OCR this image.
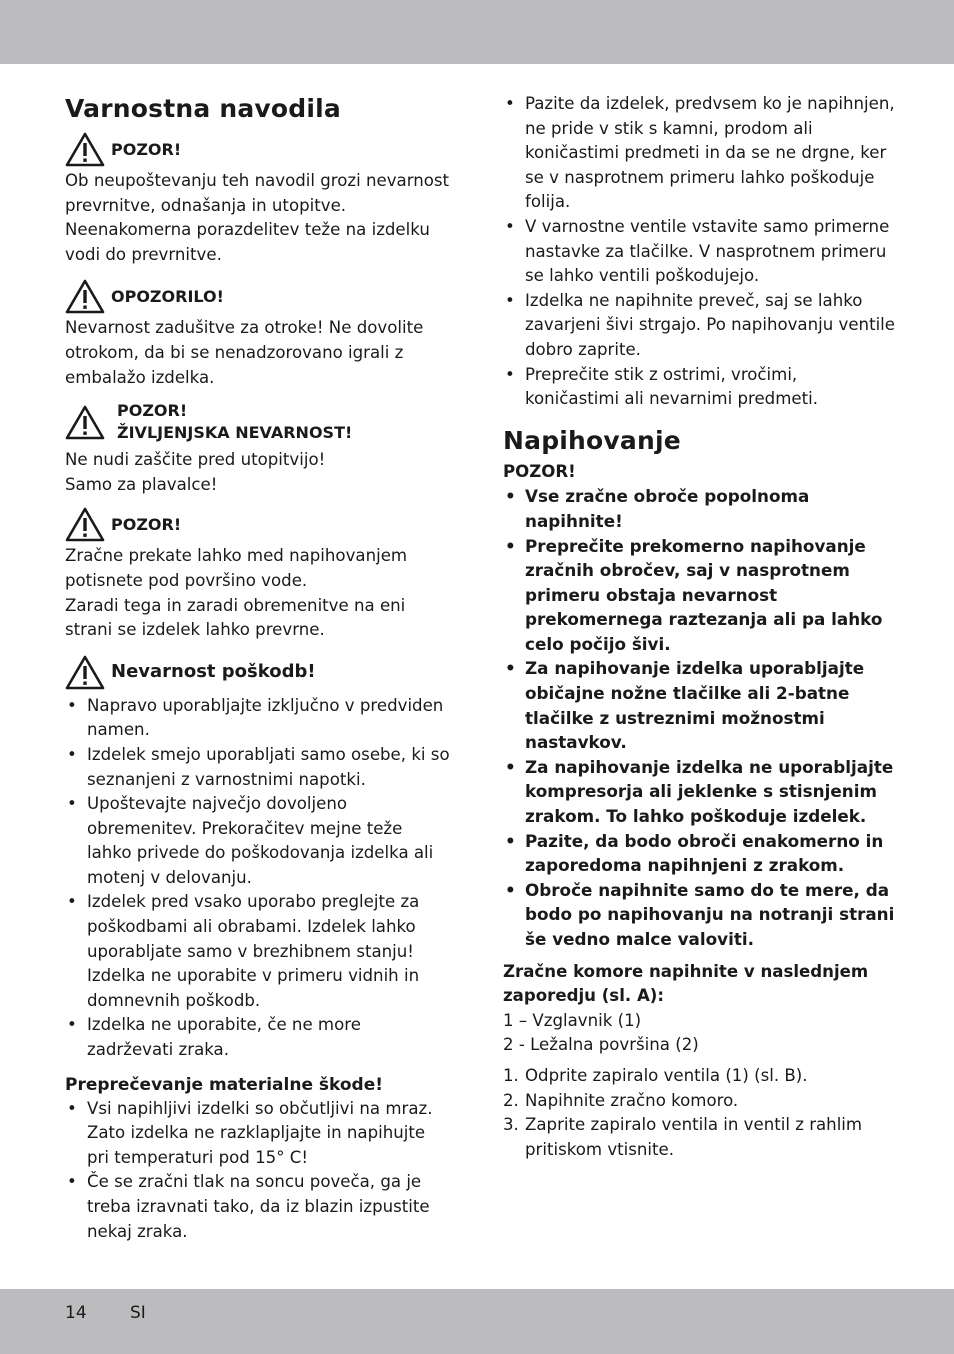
Varnostna navodila
POZOR!

Ob neupoštevanju teh navodil grozi nevarnost prevrnitve, odnašanja in utopitve. Neenakomerna porazdelitev teže na izdelku vodi do prevrnitve.

OPOZORILO!

Nevarnost zadušitve za otroke! Ne dovolite otrokom, da bi se nenadzorovano igrali z embalažo izdelka.

POZOR!
ŽIVLJENJSKA NEVARNOST!

Ne nudi zaščite pred utopitvijo!

Samo za plavalce!

POZOR!

Zračne prekate lahko med napihovanjem potisnete pod površino vode.

Zaradi tega in zaradi obremenitve na eni strani se izdelek lahko prevrne.

Nevarnost poškodb!
• Napravo uporabljajte izključno v predviden namen.
• Izdelek smejo uporabljati samo osebe, ki so seznanjeni z varnostnimi napotki.
• Upoštevajte največjo dovoljeno obremenitev. Prekoračitev mejne teže lahko privede do poškodovanja izdelka ali motenj v delovanju.
• Izdelek pred vsako uporabo preglejte za poškodbami ali obrabami. Izdelek lahko uporabljate samo v brezhibnem stanju! Izdelka ne uporabite v primeru vidnih in domnevnih poškodb.
• Izdelka ne uporabite, če ne more zadrževati zraka.
Preprečevanje materialne škode!
• Vsi napihljivi izdelki so občutljivi na mraz. Zato izdelka ne razklapljajte in napihujte pri temperaturi pod 15° C!
• Če se zračni tlak na soncu poveča, ga je treba izravnati tako, da iz blazin izpustite nekaj zraka.
• Pazite da izdelek, predvsem ko je napihnjen, ne pride v stik s kamni, prodom ali koničastimi predmeti in da se ne drgne, ker se v nasprotnem primeru lahko poškoduje folija.
• V varnostne ventile vstavite samo primerne nastavke za tlačilke. V nasprotnem primeru se lahko ventili poškodujejo.
• Izdelka ne napihnite preveč, saj se lahko zavarjeni šivi strgajo. Po napihovanju ventile dobro zaprite.
• Preprečite stik z ostrimi, vročimi, koničastimi ali nevarnimi predmeti.
Napihovanje

POZOR!

• Vse zračne obroče popolnoma napihnite!
• Preprečite prekomerno napihovanje zračnih obročev, saj v nasprotnem primeru obstaja nevarnost prekomernega raztezanja ali pa lahko celo počijo šivi.
• Za napihovanje izdelka uporabljajte običajne nožne tlačilke ali 2-batne tlačilke z ustreznimi možnostmi nastavkov.
• Za napihovanje izdelka ne uporabljajte kompresorja ali jeklenke s stisnjenim zrakom. To lahko poškoduje izdelek.
• Pazite, da bodo obroči enakomerno in zaporedoma napihnjeni z zrakom.
• Obroče napihnite samo do te mere, da bodo po napihovanju na notranji strani še vedno malce valoviti.

Zračne komore napihnite v naslednjem zaporedju (sl. A):

1 – Vzglavnik (1)

2 - Ležalna površina (2)

1. Odprite zapiralo ventila (1) (sl. B).
2. Napihnite zračno komoro.
3. Zaprite zapiralo ventila in ventil z rahlim pritiskom vtisnite.
14	SI
